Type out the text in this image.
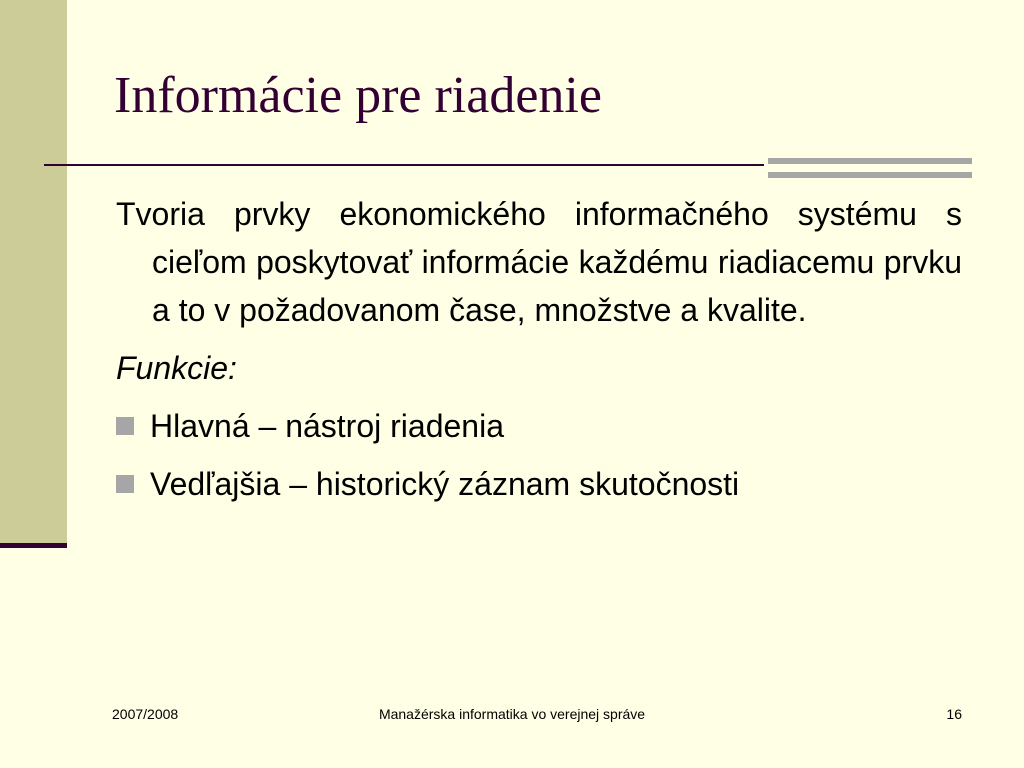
Informácie pre riadenie

Tvoria prvky ekonomického informačného systému s cieľom poskytovať informácie každému riadiacemu prvku a to v požadovanom čase, množstve a kvalite.

Funkcie:

Hlavná – nástroj riadenia
Vedľajšia – historický záznam skutočnosti
2007/2008	Manažérska informatika vo verejnej správe	16
